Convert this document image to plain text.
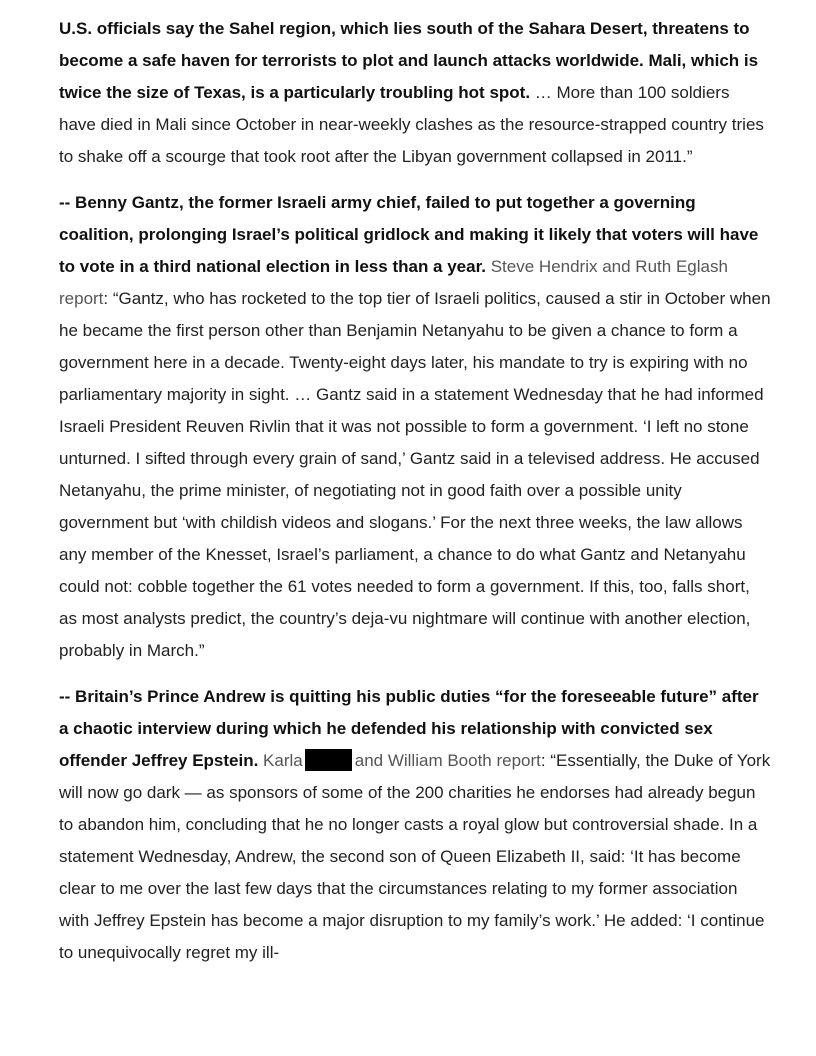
U.S. officials say the Sahel region, which lies south of the Sahara Desert, threatens to become a safe haven for terrorists to plot and launch attacks worldwide. Mali, which is twice the size of Texas, is a particularly troubling hot spot. … More than 100 soldiers have died in Mali since October in near-weekly clashes as the resource-strapped country tries to shake off a scourge that took root after the Libyan government collapsed in 2011.”

-- Benny Gantz, the former Israeli army chief, failed to put together a governing coalition, prolonging Israel’s political gridlock and making it likely that voters will have to vote in a third national election in less than a year. Steve Hendrix and Ruth Eglash report: “Gantz, who has rocketed to the top tier of Israeli politics, caused a stir in October when he became the first person other than Benjamin Netanyahu to be given a chance to form a government here in a decade. Twenty-eight days later, his mandate to try is expiring with no parliamentary majority in sight. … Gantz said in a statement Wednesday that he had informed Israeli President Reuven Rivlin that it was not possible to form a government. ‘I left no stone unturned. I sifted through every grain of sand,’ Gantz said in a televised address. He accused Netanyahu, the prime minister, of negotiating not in good faith over a possible unity government but ‘with childish videos and slogans.’ For the next three weeks, the law allows any member of the Knesset, Israel’s parliament, a chance to do what Gantz and Netanyahu could not: cobble together the 61 votes needed to form a government. If this, too, falls short, as most analysts predict, the country’s deja-vu nightmare will continue with another election, probably in March.”

-- Britain’s Prince Andrew is quitting his public duties “for the foreseeable future” after a chaotic interview during which he defended his relationship with convicted sex offender Jeffrey Epstein. Karla	and William Booth report: “Essentially, the Duke of York will now go dark — as sponsors of some of the 200 charities he endorses had already begun to abandon him, concluding that he no longer casts a royal glow but controversial shade. In a statement Wednesday, Andrew, the second son of Queen Elizabeth II, said: ‘It has become clear to me over the last few days that the circumstances relating to my former association with Jeffrey Epstein has become a major disruption to my family’s work.’ He added: ‘I continue to unequivocally regret my ill-
